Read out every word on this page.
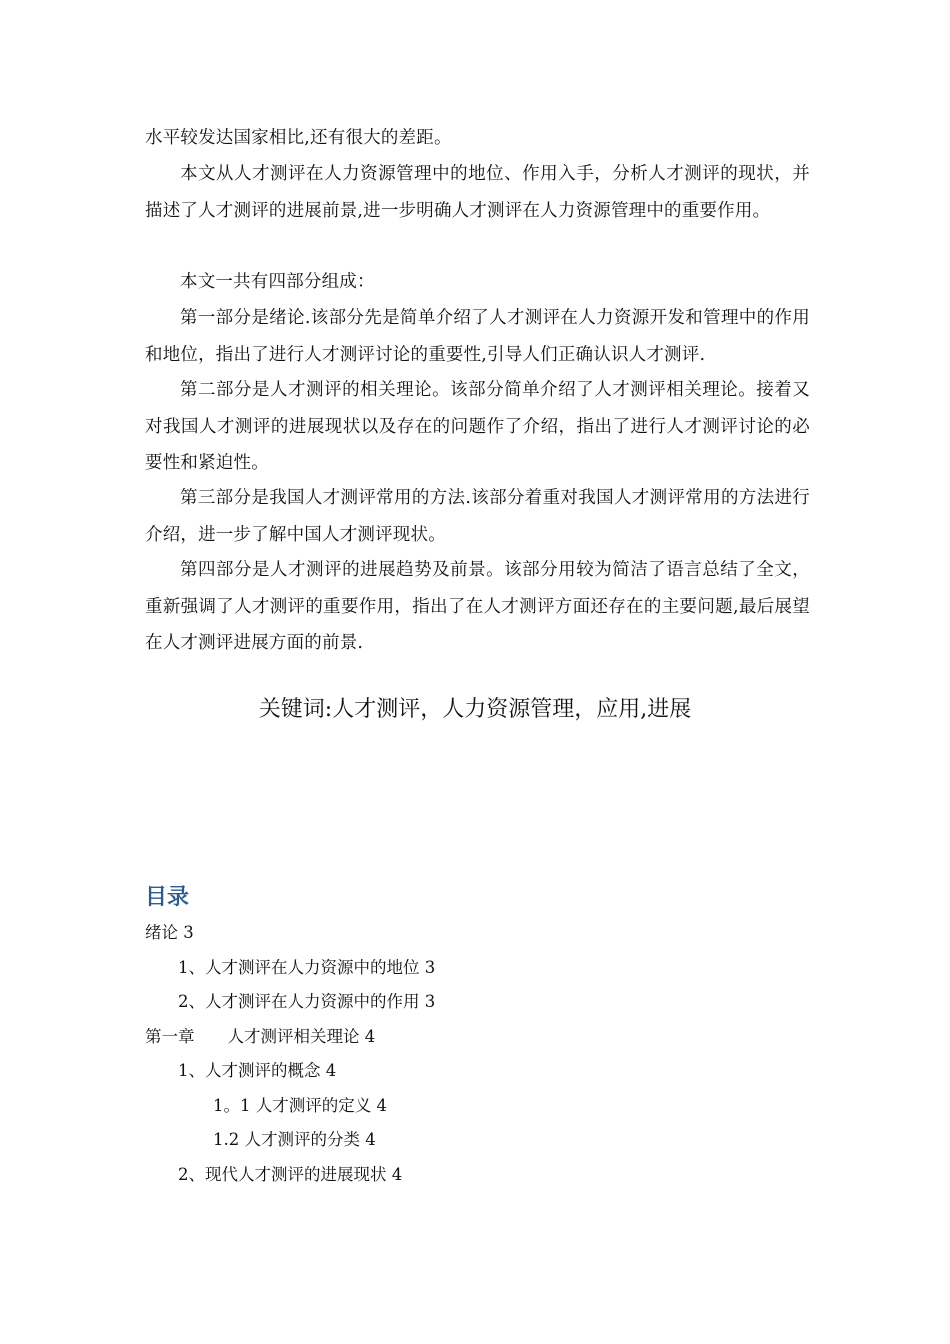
水平较发达国家相比,还有很大的差距。

本文从人才测评在人力资源管理中的地位、作用入手，分析人才测评的现状，并描述了人才测评的进展前景,进一步明确人才测评在人力资源管理中的重要作用。

本文一共有四部分组成：

第一部分是绪论.该部分先是简单介绍了人才测评在人力资源开发和管理中的作用和地位，指出了进行人才测评讨论的重要性,引导人们正确认识人才测评.

第二部分是人才测评的相关理论。该部分简单介绍了人才测评相关理论。接着又对我国人才测评的进展现状以及存在的问题作了介绍，指出了进行人才测评讨论的必要性和紧迫性。

第三部分是我国人才测评常用的方法.该部分着重对我国人才测评常用的方法进行介绍，进一步了解中国人才测评现状。

第四部分是人才测评的进展趋势及前景。该部分用较为简洁了语言总结了全文，重新强调了人才测评的重要作用，指出了在人才测评方面还存在的主要问题,最后展望在人才测评进展方面的前景.

关键词:人才测评，人力资源管理，应用,进展

目录
绪论 3
1、人才测评在人力资源中的地位 3
2、人才测评在人力资源中的作用 3
第一章　　人才测评相关理论 4
1、人才测评的概念 4
1。1 人才测评的定义 4
1.2 人才测评的分类 4
2、现代人才测评的进展现状 4
